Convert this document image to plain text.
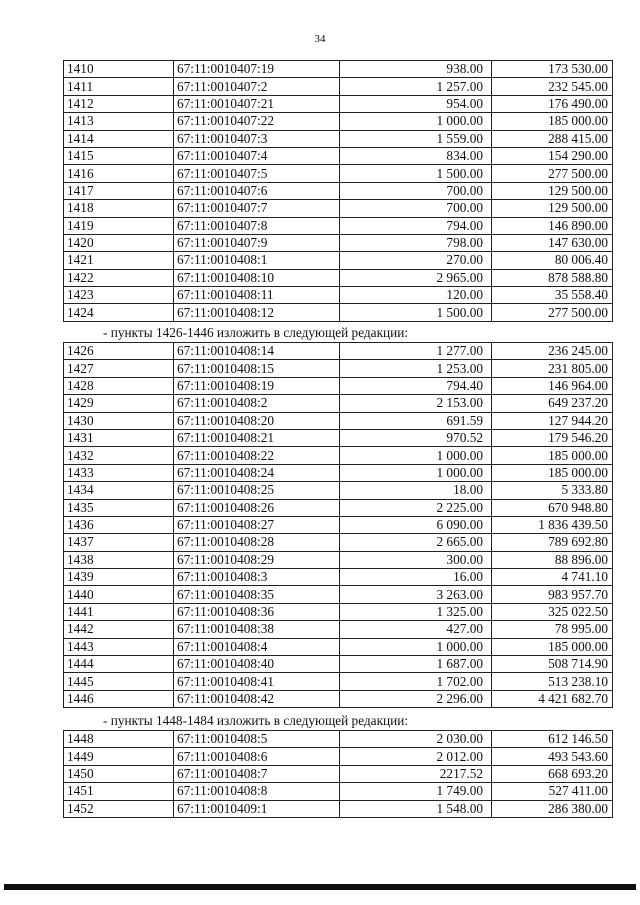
34
1410	67:11:0010407:19	938.00	173 530.00
1411	67:11:0010407:2	1 257.00	232 545.00
1412	67:11:0010407:21	954.00	176 490.00
1413	67:11:0010407:22	1 000.00	185 000.00
1414	67:11:0010407:3	1 559.00	288 415.00
1415	67:11:0010407:4	834.00	154 290.00
1416	67:11:0010407:5	1 500.00	277 500.00
1417	67:11:0010407:6	700.00	129 500.00
1418	67:11:0010407:7	700.00	129 500.00
1419	67:11:0010407:8	794.00	146 890.00
1420	67:11:0010407:9	798.00	147 630.00
1421	67:11:0010408:1	270.00	80 006.40
1422	67:11:0010408:10	2 965.00	878 588.80
1423	67:11:0010408:11	120.00	35 558.40
1424	67:11:0010408:12	1 500.00	277 500.00
- пункты 1426-1446 изложить в следующей редакции:
1426	67:11:0010408:14	1 277.00	236 245.00
1427	67:11:0010408:15	1 253.00	231 805.00
1428	67:11:0010408:19	794.40	146 964.00
1429	67:11:0010408:2	2 153.00	649 237.20
1430	67:11:0010408:20	691.59	127 944.20
1431	67:11:0010408:21	970.52	179 546.20
1432	67:11:0010408:22	1 000.00	185 000.00
1433	67:11:0010408:24	1 000.00	185 000.00
1434	67:11:0010408:25	18.00	5 333.80
1435	67:11:0010408:26	2 225.00	670 948.80
1436	67:11:0010408:27	6 090.00	1 836 439.50
1437	67:11:0010408:28	2 665.00	789 692.80
1438	67:11:0010408:29	300.00	88 896.00
1439	67:11:0010408:3	16.00	4 741.10
1440	67:11:0010408:35	3 263.00	983 957.70
1441	67:11:0010408:36	1 325.00	325 022.50
1442	67:11:0010408:38	427.00	78 995.00
1443	67:11:0010408:4	1 000.00	185 000.00
1444	67:11:0010408:40	1 687.00	508 714.90
1445	67:11:0010408:41	1 702.00	513 238.10
1446	67:11:0010408:42	2 296.00	4 421 682.70
- пункты 1448-1484 изложить в следующей редакции:
1448	67:11:0010408:5	2 030.00	612 146.50
1449	67:11:0010408:6	2 012.00	493 543.60
1450	67:11:0010408:7	2217.52	668 693.20
1451	67:11:0010408:8	1 749.00	527 411.00
1452	67:11:0010409:1	1 548.00	286 380.00
